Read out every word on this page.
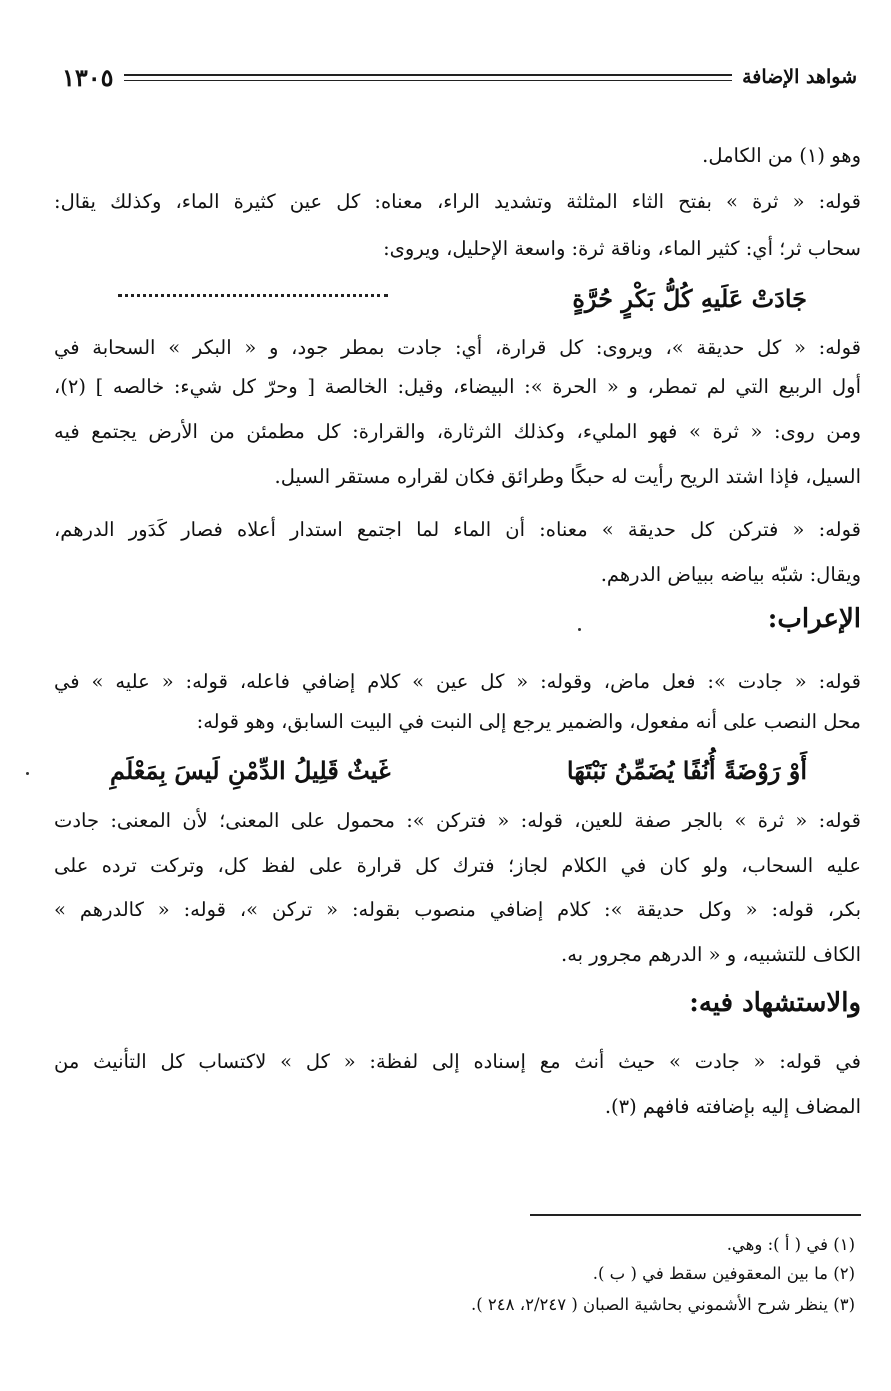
١٣٠٥	شواهد الإضافة
وهو (١) من الكامل.
قوله: « ثرة » بفتح الثاء المثلثة وتشديد الراء، معناه: كل عين كثيرة الماء، وكذلك يقال:
سحاب ثر؛ أي: كثير الماء، وناقة ثرة: واسعة الإحليل، ويروى:
جَادَتْ عَلَيهِ كُلُّ بَكْرٍ حُرَّةٍ
قوله: « كل حديقة »، ويروى: كل قرارة، أي: جادت بمطر جود، و « البكر » السحابة في
أول الربيع التي لم تمطر، و « الحرة »: البيضاء، وقيل: الخالصة [ وحرّ كل شيء: خالصه ] (٢)،
ومن روى: « ثرة » فهو المليء، وكذلك الثرثارة، والقرارة: كل مطمئن من الأرض يجتمع فيه
السيل، فإذا اشتد الريح رأيت له حبكًا وطرائق فكان لقراره مستقر السيل.
قوله: « فتركن كل حديقة » معناه: أن الماء لما اجتمع استدار أعلاه فصار كَدَور الدرهم،
ويقال: شبّه بياضه ببياض الدرهم.
الإعراب:
قوله: « جادت »: فعل ماض، وقوله: « كل عين » كلام إضافي فاعله، قوله: « عليه » في
محل النصب على أنه مفعول، والضمير يرجع إلى النبت في البيت السابق، وهو قوله:
أَوْ رَوْضَةً أُنُفًا يُضَمِّنُ نَبْتَهَا
غَيثٌ قَلِيلُ الدِّمْنِ لَيسَ بِمَعْلَمِ
قوله: « ثرة » بالجر صفة للعين، قوله: « فتركن »: محمول على المعنى؛ لأن المعنى: جادت
عليه السحاب، ولو كان في الكلام لجاز؛ فترك كل قرارة على لفظ كل، وتركت ترده على
بكر، قوله: « وكل حديقة »: كلام إضافي منصوب بقوله: « تركن »، قوله: « كالدرهم »
الكاف للتشبيه، و « الدرهم مجرور به.
والاستشهاد فيه:
في قوله: « جادت » حيث أنث مع إسناده إلى لفظة: « كل » لاكتساب كل التأنيث من
المضاف إليه بإضافته فافهم (٣).
(١) في ( أ ): وهي.
(٢) ما بين المعقوفين سقط في ( ب ).
(٣) ينظر شرح الأشموني بحاشية الصبان ( ٢/٢٤٧، ٢٤٨ ).
